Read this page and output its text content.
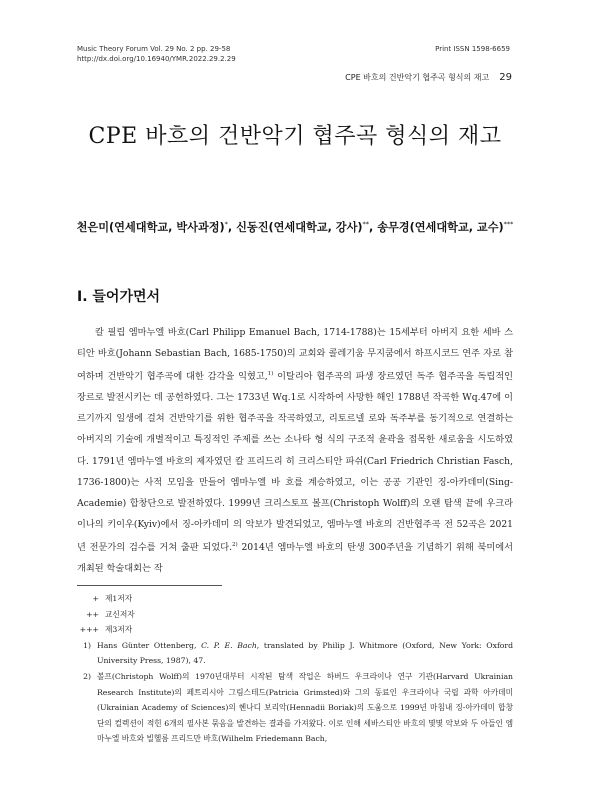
Music Theory Forum Vol. 29 No. 2 pp. 29-58
http://dx.doi.org/10.16940/YMR.2022.29.2.29
Print ISSN 1598-6659
CPE 바흐의 건반악기 협주곡 형식의 재고 29
CPE 바흐의 건반악기 협주곡 형식의 재고
천은미(연세대학교, 박사과정)*, 신동진(연세대학교, 강사)**, 송무경(연세대학교, 교수)***
I. 들어가면서

칼 필립 엠마누엘 바흐(Carl Philipp Emanuel Bach, 1714-1788)는 15세부터 아버지 요한 세바 스티안 바흐(Johann Sebastian Bach, 1685-1750)의 교회와 콜레기움 무지쿰에서 하프시코드 연주 자로 참여하며 건반악기 협주곡에 대한 감각을 익혔고,$^{1)}$ 이탈리아 협주곡의 파생 장르였던 독주 협주곡을 독립적인 장르로 발전시키는 데 공헌하였다. 그는 1733년 Wq.1로 시작하여 사망한 해인 1788년 작곡한 Wq.47에 이르기까지 일생에 걸쳐 건반악기를 위한 협주곡을 작곡하였고, 리토르넬 로와 독주부를 동기적으로 연결하는 아버지의 기술에 개별적이고 특징적인 주제를 쓰는 소나타 형 식의 구조적 윤곽을 접목한 새로움을 시도하였다. 1791년 엠마누엘 바흐의 제자였던 칼 프리드리 히 크리스티안 파쉬(Carl Friedrich Christian Fasch, 1736-1800)는 사적 모임을 만들어 엠마누엘 바 흐를 계승하였고, 이는 공공 기관인 징-아카데미(Sing-Academie) 합창단으로 발전하였다. 1999년 크리스토프 볼프(Christoph Wolff)의 오랜 탐색 끝에 우크라이나의 키이우(Kyiv)에서 징-아카데미 의 악보가 발견되었고, 엠마누엘 바흐의 건반협주곡 전 52곡은 2021년 전문가의 검수를 거쳐 출판 되었다.$^{2)}$ 2014년 엠마누엘 바흐의 탄생 300주년을 기념하기 위해 북미에서 개최된 학술대회는 작

+ 제1저자
++ 교신저자
+++ 제3저자
1) Hans Günter Ottenberg, C. P. E. Bach, translated by Philip J. Whitmore (Oxford, New York: Oxford University Press, 1987), 47.
2) 볼프(Christoph Wolff)의 1970년대부터 시작된 탐색 작업은 하버드 우크라이나 연구 기관(Harvard Ukrainian Research Institute)의 페트리시아 그림스테드(Patricia Grimsted)와 그의 동료인 우크라이나 국립 과학 아카데미(Ukrainian Academy of Sciences)의 헨나디 보리악(Hennadii Boriak)의 도움으로 1999년 마침내 징-아카데미 합창단의 컬렉션이 적힌 6개의 필사본 묶음을 발견하는 결과를 가져왔다. 이로 인해 세바스티안 바흐의 몇몇 악보와 두 아들인 엠마누엘 바흐와 빌헬름 프리드만 바흐(Wilhelm Friedemann Bach,
